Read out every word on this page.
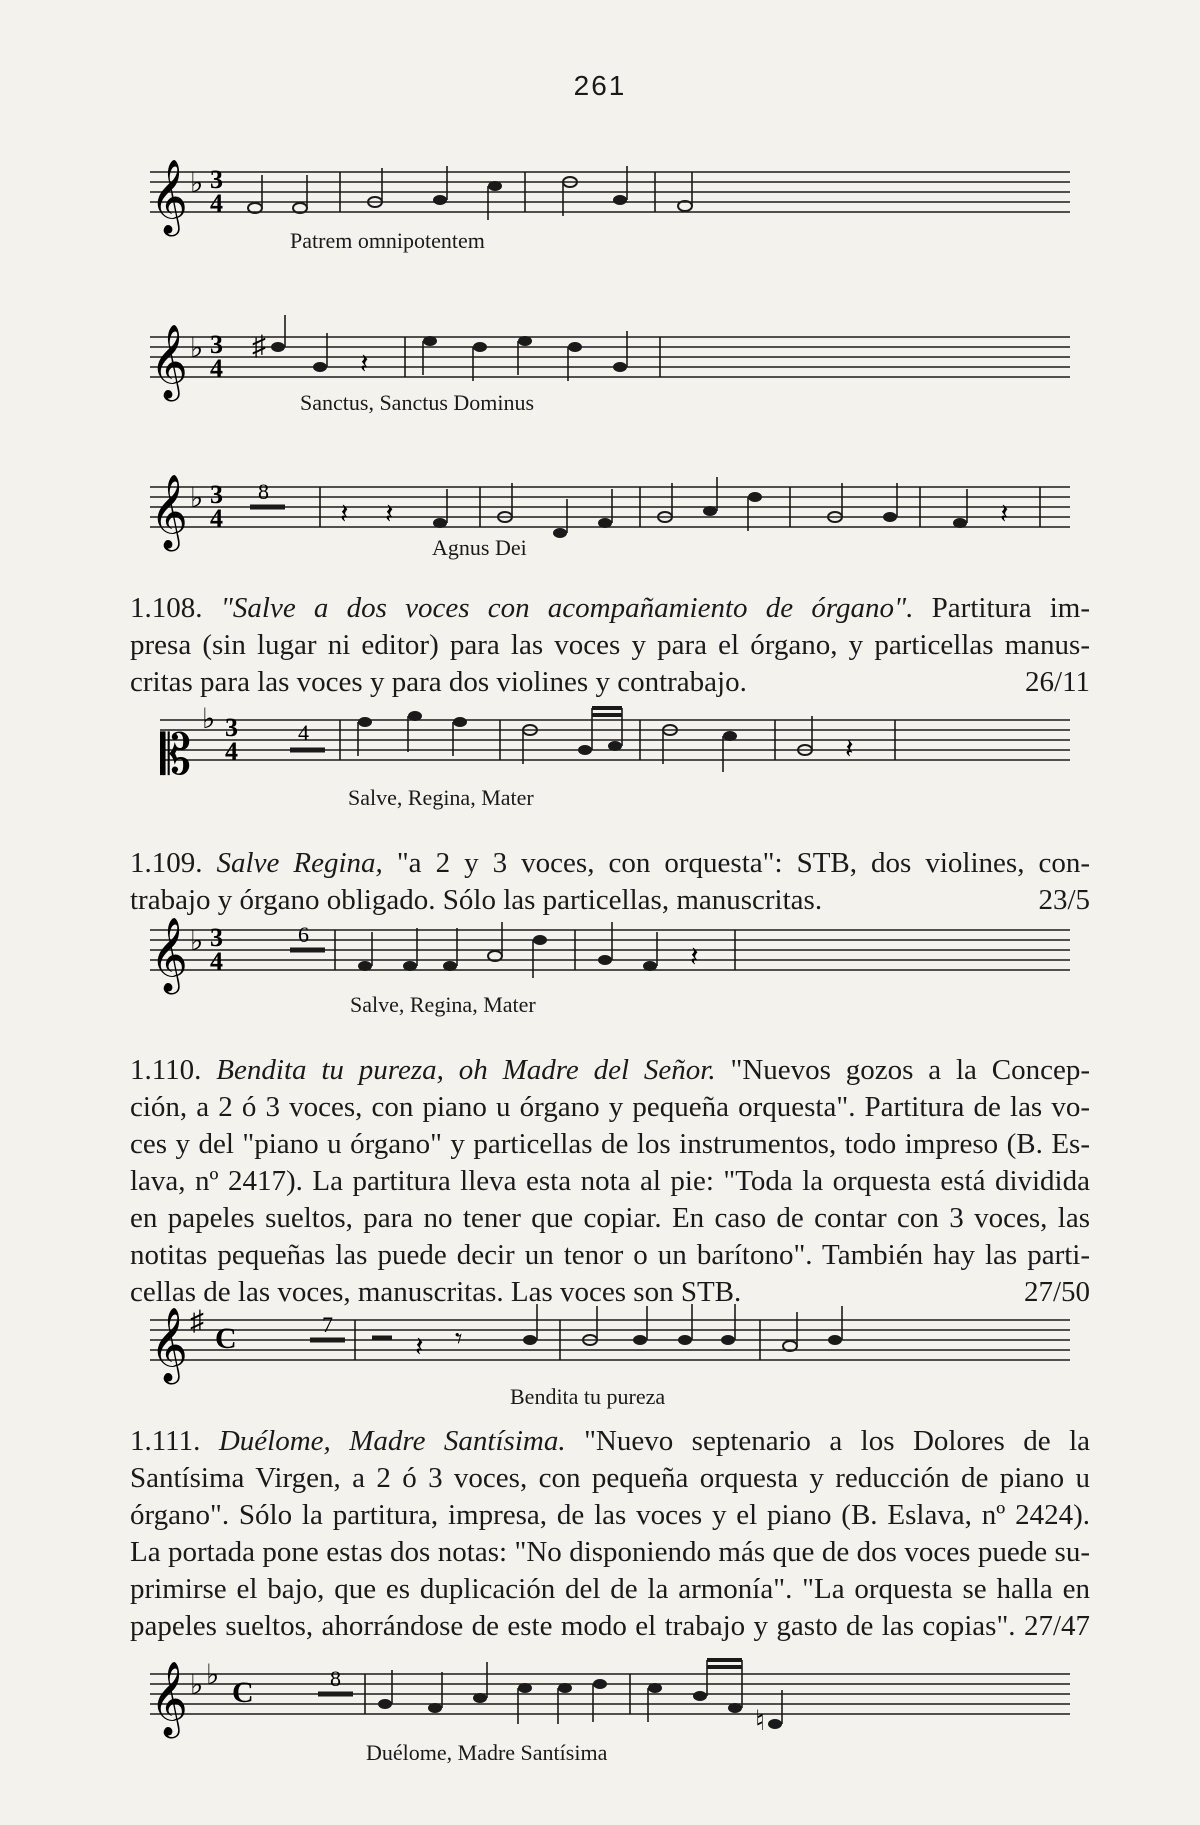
261
𝄞 ♭ 3
4
Patrem omnipotentem
𝄞 ♭ 3
4
♯
𝄽
Sanctus, Sanctus Dominus
𝄞 ♭ 3
4
8
𝄽 𝄽	𝄽
Agnus Dei

1.108. "Salve a dos voces con acompañamiento de órgano". Partitura im-

presa (sin lugar ni editor) para las voces y para el órgano, y particellas manus-

critas para las voces y para dos violines y contrabajo.	26/11

𝄡
♭ 3
4
4
𝄽
Salve, Regina, Mater

1.109. Salve Regina, "a 2 y 3 voces, con orquesta": STB, dos violines, con-

trabajo y órgano obligado. Sólo las particellas, manuscritas.	23/5

𝄞 ♭ 3
4
6
𝄽
Salve, Regina, Mater

1.110. Bendita tu pureza, oh Madre del Señor. "Nuevos gozos a la Concep-

ción, a 2 ó 3 voces, con piano u órgano y pequeña orquesta". Partitura de las vo-

ces y del "piano u órgano" y particellas de los instrumentos, todo impreso (B. Es-

lava, nº 2417). La partitura lleva esta nota al pie: "Toda la orquesta está dividida

en papeles sueltos, para no tener que copiar. En caso de contar con 3 voces, las

notitas pequeñas las puede decir un tenor o un barítono". También hay las parti-

cellas de las voces, manuscritas. Las voces son STB.	27/50

𝄞 ♯
C	7
𝄽 𝄾
Bendita tu pureza

1.111. Duélome, Madre Santísima. "Nuevo septenario a los Dolores de la

Santísima Virgen, a 2 ó 3 voces, con pequeña orquesta y reducción de piano u

órgano". Sólo la partitura, impresa, de las voces y el piano (B. Eslava, nº 2424).

La portada pone estas dos notas: "No disponiendo más que de dos voces puede su-

primirse el bajo, que es duplicación del de la armonía". "La orquesta se halla en

papeles sueltos, ahorrándose de este modo el trabajo y gasto de las copias". 27/47

𝄞 ♭ ♭
C	8
♮
Duélome, Madre Santísima
